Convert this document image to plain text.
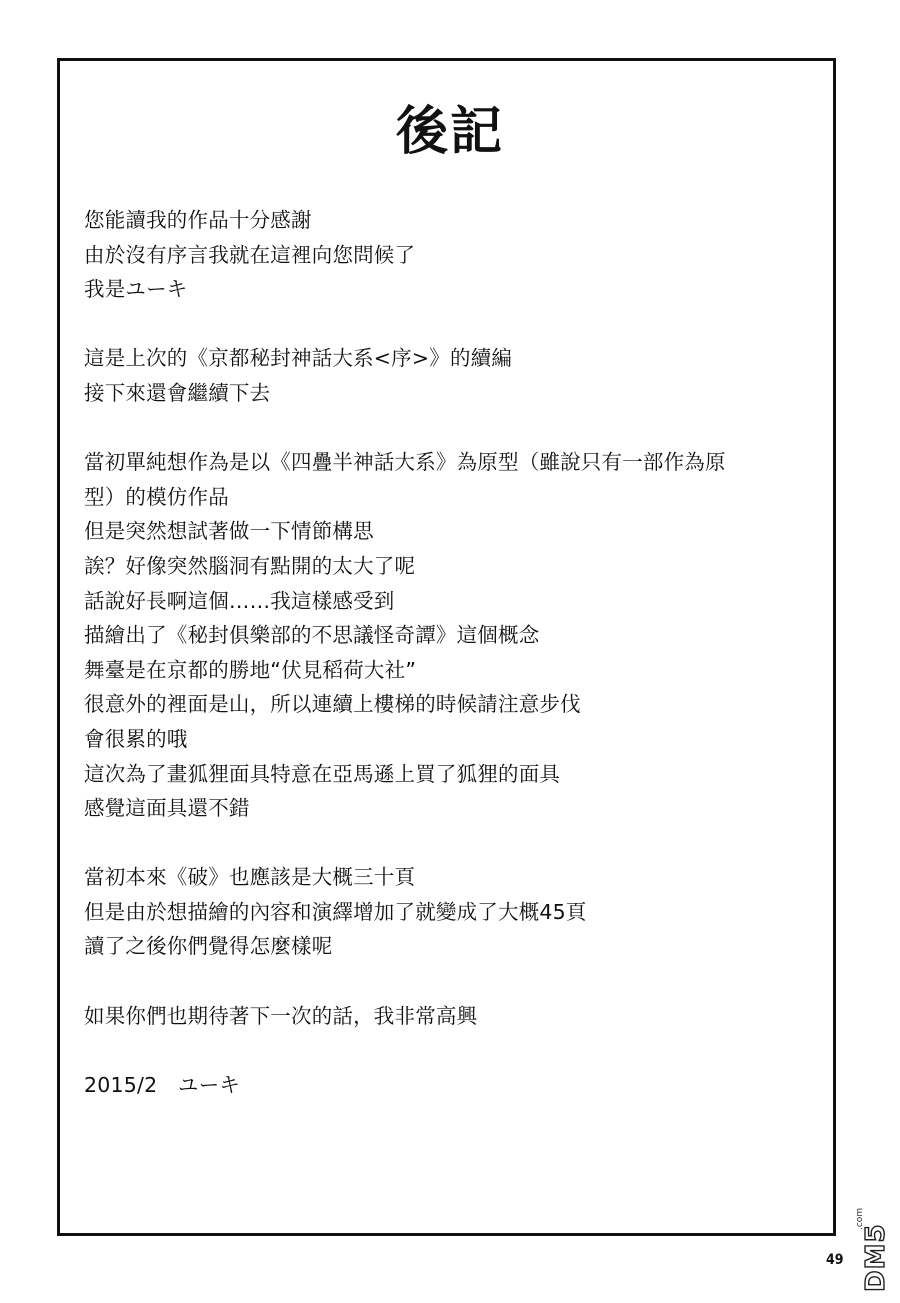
後記
您能讀我的作品十分感謝
由於沒有序言我就在這裡向您問候了
我是ユーキ
這是上次的《京都秘封神話大系<序>》的續編
接下來還會繼續下去
當初單純想作為是以《四疊半神話大系》為原型（雖說只有一部作為原
型）的模仿作品
但是突然想試著做一下情節構思
誒？好像突然腦洞有點開的太大了呢
話說好長啊這個……我這樣感受到
描繪出了《秘封俱樂部的不思議怪奇譚》這個概念
舞臺是在京都的勝地“伏見稻荷大社”
很意外的裡面是山，所以連續上樓梯的時候請注意步伐
會很累的哦
這次為了畫狐狸面具特意在亞馬遜上買了狐狸的面具
感覺這面具還不錯
當初本來《破》也應該是大概三十頁
但是由於想描繪的內容和演繹增加了就變成了大概45頁
讀了之後你們覺得怎麼樣呢
如果你們也期待著下一次的話，我非常高興
2015/2　ユーキ
49 DM5
.com
